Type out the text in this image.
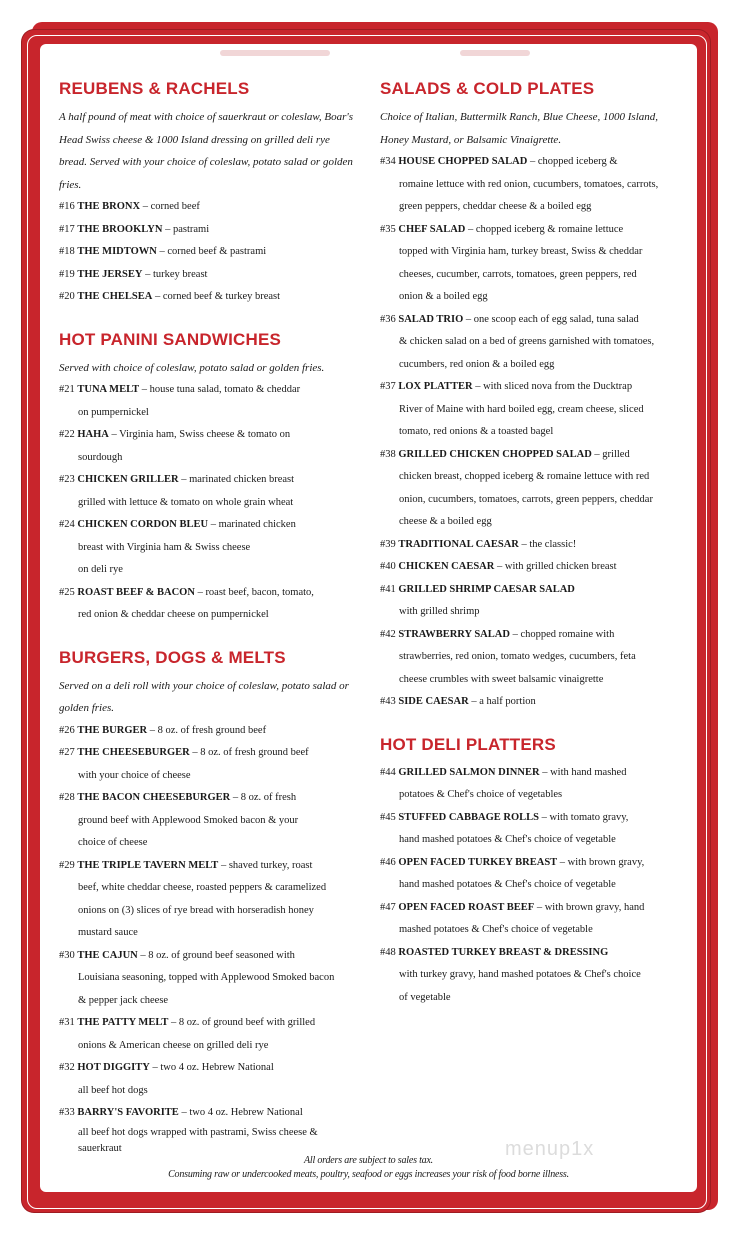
REUBENS & RACHELS

A half pound of meat with choice of sauerkraut or coleslaw, Boar's Head Swiss cheese & 1000 Island dressing on grilled deli rye bread. Served with your choice of coleslaw, potato salad or golden fries.

#16 THE BRONX – corned beef

#17 THE BROOKLYN – pastrami

#18 THE MIDTOWN – corned beef & pastrami

#19 THE JERSEY – turkey breast

#20 THE CHELSEA – corned beef & turkey breast

HOT PANINI SANDWICHES

Served with choice of coleslaw, potato salad or golden fries.

#21 TUNA MELT – house tuna salad, tomato & cheddar
on pumpernickel

#22 HAHA – Virginia ham, Swiss cheese & tomato on
sourdough

#23 CHICKEN GRILLER – marinated chicken breast
grilled with lettuce & tomato on whole grain wheat

#24 CHICKEN CORDON BLEU – marinated chicken
breast with Virginia ham & Swiss cheese
on deli rye

#25 ROAST BEEF & BACON – roast beef, bacon, tomato,
red onion & cheddar cheese on pumpernickel

BURGERS, DOGS & MELTS

Served on a deli roll with your choice of coleslaw, potato salad or golden fries.

#26 THE BURGER – 8 oz. of fresh ground beef

#27 THE CHEESEBURGER – 8 oz. of fresh ground beef
with your choice of cheese

#28 THE BACON CHEESEBURGER – 8 oz. of fresh
ground beef with Applewood Smoked bacon & your
choice of cheese

#29 THE TRIPLE TAVERN MELT – shaved turkey, roast
beef, white cheddar cheese, roasted peppers & caramelized
onions on (3) slices of rye bread with horseradish honey
mustard sauce

#30 THE CAJUN – 8 oz. of ground beef seasoned with
Louisiana seasoning, topped with Applewood Smoked bacon
& pepper jack cheese

#31 THE PATTY MELT – 8 oz. of ground beef with grilled
onions & American cheese on grilled deli rye

#32 HOT DIGGITY – two 4 oz. Hebrew National
all beef hot dogs

#33 BARRY'S FAVORITE – two 4 oz. Hebrew National
all beef hot dogs wrapped with pastrami, Swiss cheese &
sauerkraut

SALADS & COLD PLATES

Choice of Italian, Buttermilk Ranch, Blue Cheese, 1000 Island, Honey Mustard, or Balsamic Vinaigrette.

#34 HOUSE CHOPPED SALAD – chopped iceberg &
romaine lettuce with red onion, cucumbers, tomatoes, carrots,
green peppers, cheddar cheese & a boiled egg

#35 CHEF SALAD – chopped iceberg & romaine lettuce
topped with Virginia ham, turkey breast, Swiss & cheddar
cheeses, cucumber, carrots, tomatoes, green peppers, red
onion & a boiled egg

#36 SALAD TRIO – one scoop each of egg salad, tuna salad
& chicken salad on a bed of greens garnished with tomatoes,
cucumbers, red onion & a boiled egg

#37 LOX PLATTER – with sliced nova from the Ducktrap
River of Maine with hard boiled egg, cream cheese, sliced
tomato, red onions & a toasted bagel

#38 GRILLED CHICKEN CHOPPED SALAD – grilled
chicken breast, chopped iceberg & romaine lettuce with red
onion, cucumbers, tomatoes, carrots, green peppers, cheddar
cheese & a boiled egg

#39 TRADITIONAL CAESAR – the classic!

#40 CHICKEN CAESAR – with grilled chicken breast

#41 GRILLED SHRIMP CAESAR SALAD
with grilled shrimp

#42 STRAWBERRY SALAD – chopped romaine with
strawberries, red onion, tomato wedges, cucumbers, feta
cheese crumbles with sweet balsamic vinaigrette

#43 SIDE CAESAR – a half portion

HOT DELI PLATTERS

#44 GRILLED SALMON DINNER – with hand mashed
potatoes & Chef's choice of vegetables

#45 STUFFED CABBAGE ROLLS – with tomato gravy,
hand mashed potatoes & Chef's choice of vegetable

#46 OPEN FACED TURKEY BREAST – with brown gravy,
hand mashed potatoes & Chef's choice of vegetable

#47 OPEN FACED ROAST BEEF – with brown gravy, hand
mashed potatoes & Chef's choice of vegetable

#48 ROASTED TURKEY BREAST & DRESSING
with turkey gravy, hand mashed potatoes & Chef's choice
of vegetable

menup1x
All orders are subject to sales tax.
Consuming raw or undercooked meats, poultry, seafood or eggs increases your risk of food borne illness.
